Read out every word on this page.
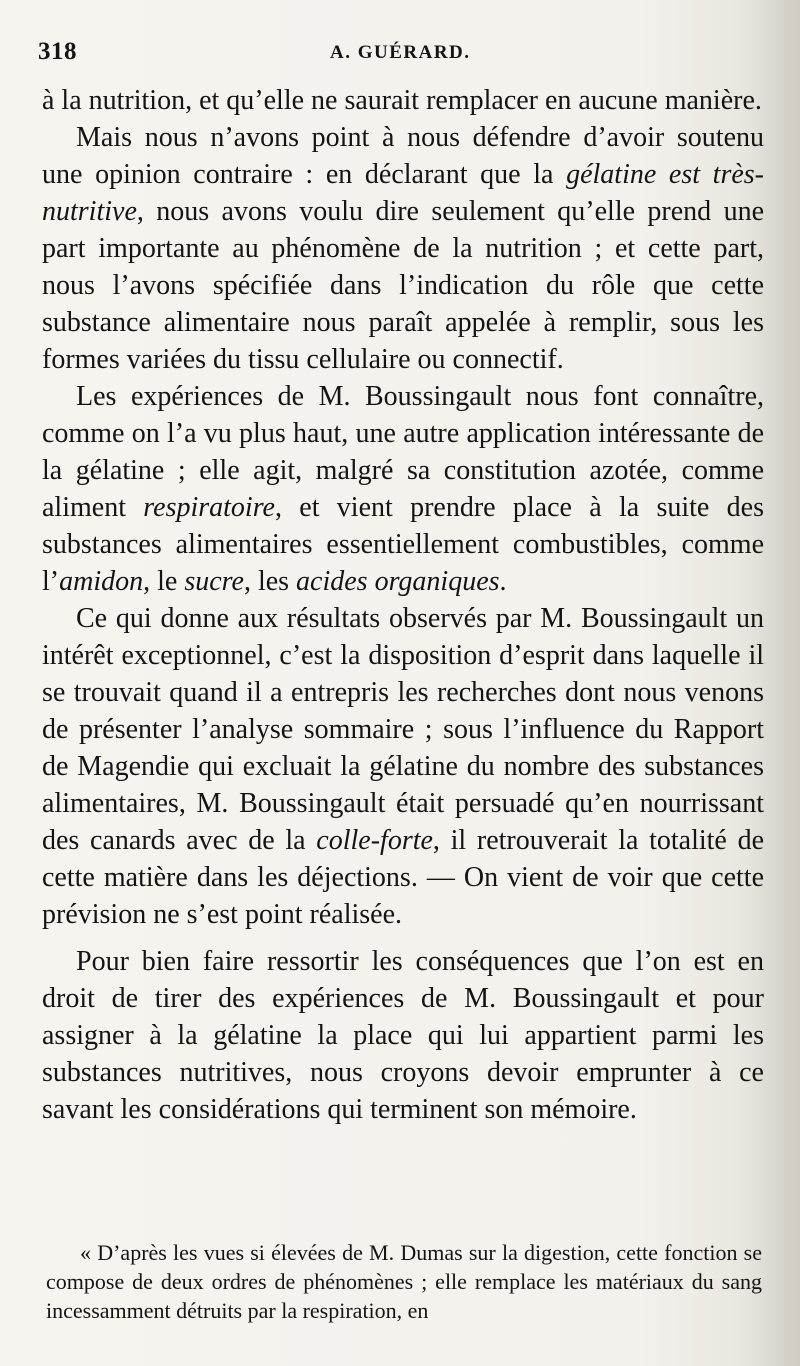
318	A. GUÉRARD.

à la nutrition, et qu’elle ne saurait remplacer en aucune manière.

Mais nous n’avons point à nous défendre d’avoir soutenu une opinion contraire : en déclarant que la gélatine est très-nutritive, nous avons voulu dire seulement qu’elle prend une part importante au phénomène de la nutrition ; et cette part, nous l’avons spécifiée dans l’indication du rôle que cette substance alimentaire nous paraît appelée à remplir, sous les formes variées du tissu cellulaire ou connectif.

Les expériences de M. Boussingault nous font connaître, comme on l’a vu plus haut, une autre application intéressante de la gélatine ; elle agit, malgré sa constitution azotée, comme aliment respiratoire, et vient prendre place à la suite des substances alimentaires essentiellement combustibles, comme l’amidon, le sucre, les acides organiques.

Ce qui donne aux résultats observés par M. Boussingault un intérêt exceptionnel, c’est la disposition d’esprit dans laquelle il se trouvait quand il a entrepris les recherches dont nous venons de présenter l’analyse sommaire ; sous l’influence du Rapport de Magendie qui excluait la gélatine du nombre des substances alimentaires, M. Boussingault était persuadé qu’en nourrissant des canards avec de la colle-forte, il retrouverait la totalité de cette matière dans les déjections. — On vient de voir que cette prévision ne s’est point réalisée.

Pour bien faire ressortir les conséquences que l’on est en droit de tirer des expériences de M. Boussingault et pour assigner à la gélatine la place qui lui appartient parmi les substances nutritives, nous croyons devoir emprunter à ce savant les considérations qui terminent son mémoire.

« D’après les vues si élevées de M. Dumas sur la digestion, cette fonction se compose de deux ordres de phénomènes ; elle remplace les matériaux du sang incessamment détruits par la respiration, en
